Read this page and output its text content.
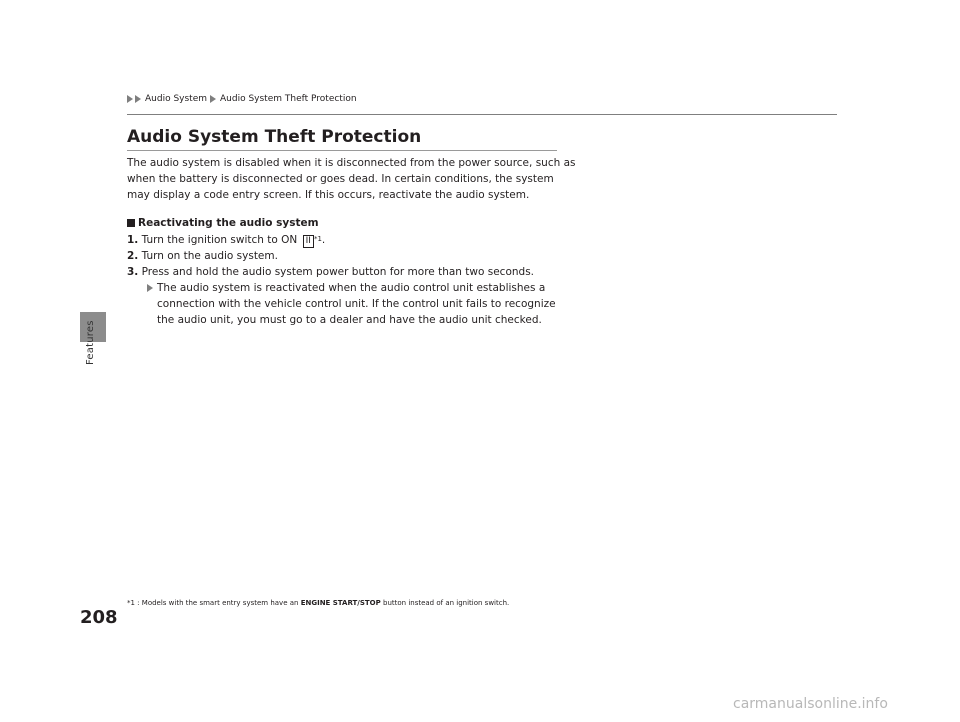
Features
Audio System Audio System Theft Protection
Audio System Theft Protection

The audio system is disabled when it is disconnected from the power source, such as

when the battery is disconnected or goes dead. In certain conditions, the system

may display a code entry screen. If this occurs, reactivate the audio system.

Reactivating the audio system
1. Turn the ignition switch to ON II $^{*1}$.
2. Turn on the audio system.
3. Press and hold the audio system power button for more than two seconds.
The audio system is reactivated when the audio control unit establishes a
connection with the vehicle control unit. If the control unit fails to recognize
the audio unit, you must go to a dealer and have the audio unit checked.
*1 : Models with the smart entry system have an ENGINE START/STOP button instead of an ignition switch.
208
carmanualsonline.info
